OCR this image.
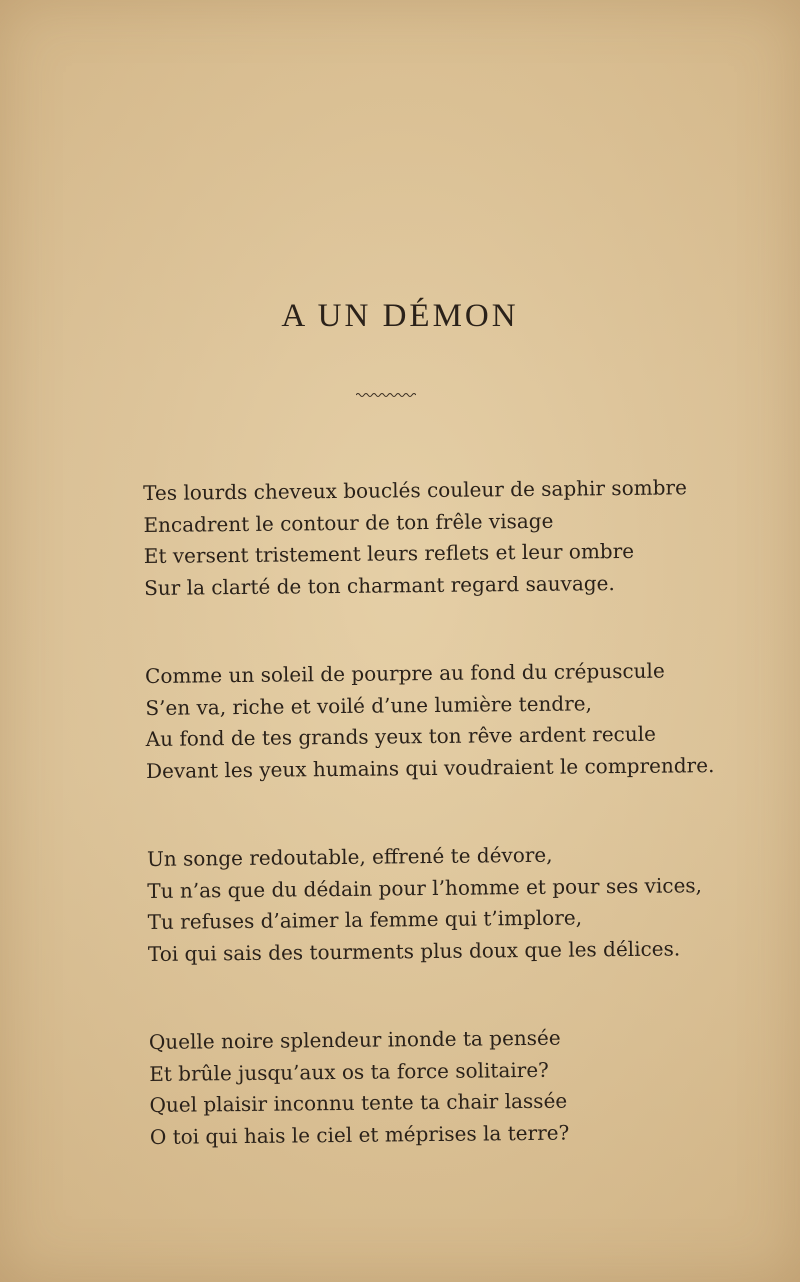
A UN DÉMON
Tes lourds cheveux bouclés couleur de saphir sombre
Encadrent le contour de ton frêle visage
Et versent tristement leurs reflets et leur ombre
Sur la clarté de ton charmant regard sauvage.
Comme un soleil de pourpre au fond du crépuscule
S’en va, riche et voilé d’une lumière tendre,
Au fond de tes grands yeux ton rêve ardent recule
Devant les yeux humains qui voudraient le comprendre.
Un songe redoutable, effrené te dévore,
Tu n’as que du dédain pour l’homme et pour ses vices,
Tu refuses d’aimer la femme qui t’implore,
Toi qui sais des tourments plus doux que les délices.
Quelle noire splendeur inonde ta pensée
Et brûle jusqu’aux os ta force solitaire?
Quel plaisir inconnu tente ta chair lassée
O toi qui hais le ciel et méprises la terre?
